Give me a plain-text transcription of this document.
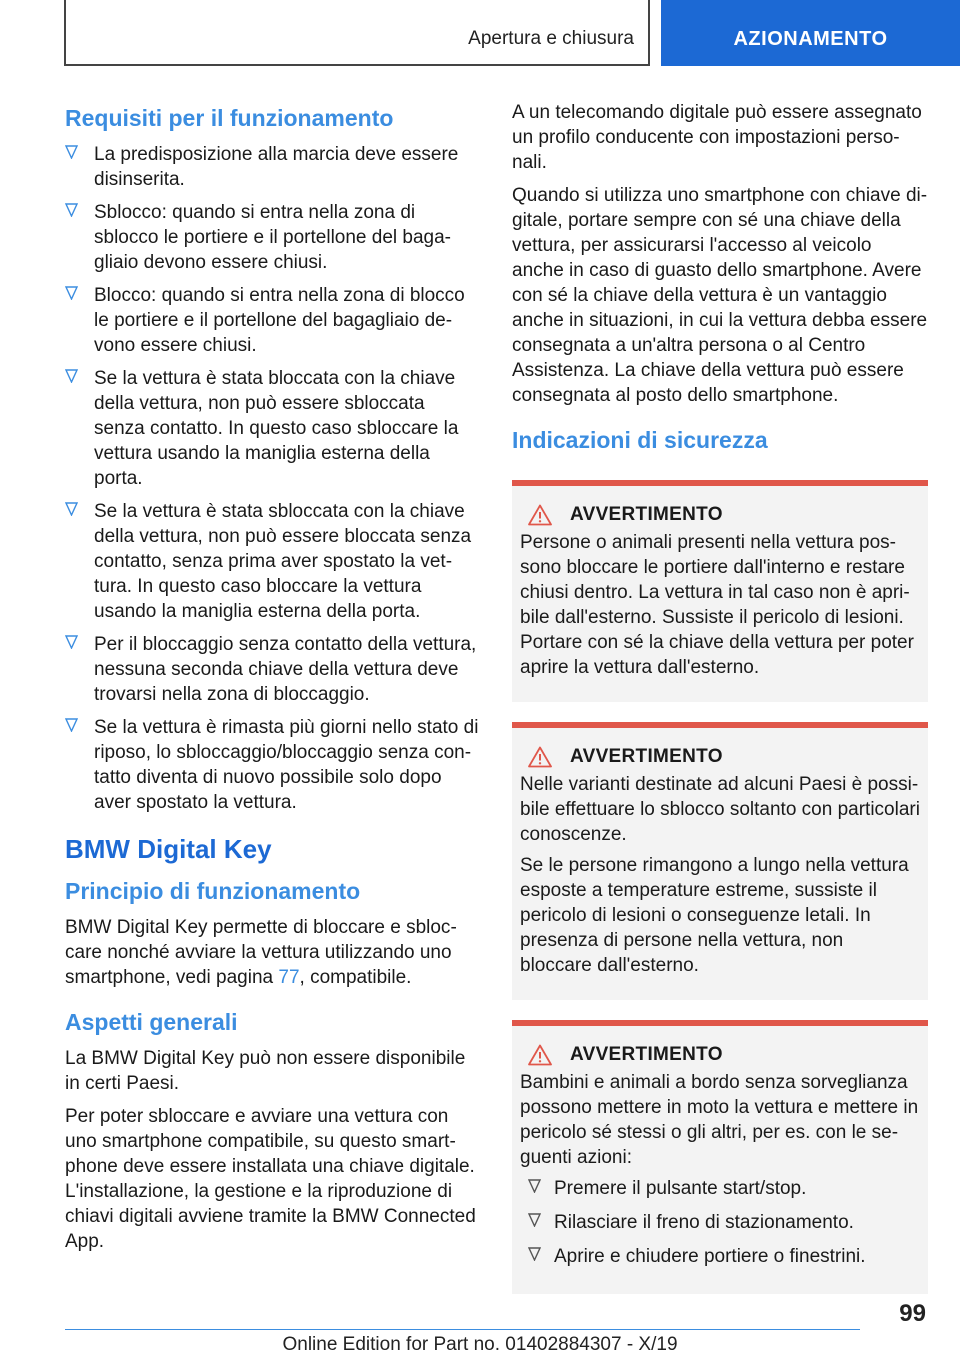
Apertura e chiusura	AZIONAMENTO
Requisiti per il funzionamento
La predisposizione alla marcia deve essere disinserita.
Sblocco: quando si entra nella zona di sblocco le portiere e il portellone del bagagliaio devono essere chiusi.
Blocco: quando si entra nella zona di blocco le portiere e il portellone del bagagliaio devono essere chiusi.
Se la vettura è stata bloccata con la chiave della vettura, non può essere sbloccata senza contatto. In questo caso sbloccare la vettura usando la maniglia esterna della porta.
Se la vettura è stata sbloccata con la chiave della vettura, non può essere bloccata senza contatto, senza prima aver spostato la vettura. In questo caso bloccare la vettura usando la maniglia esterna della porta.
Per il bloccaggio senza contatto della vettura, nessuna seconda chiave della vettura deve trovarsi nella zona di bloccaggio.
Se la vettura è rimasta più giorni nello stato di riposo, lo sbloccaggio/bloccaggio senza contatto diventa di nuovo possibile solo dopo aver spostato la vettura.
BMW Digital Key
Principio di funzionamento

BMW Digital Key permette di bloccare e sbloccare nonché avviare la vettura utilizzando uno smartphone, vedi pagina 77, compatibile.

Aspetti generali

La BMW Digital Key può non essere disponibile in certi Paesi.

Per poter sbloccare e avviare una vettura con uno smartphone compatibile, su questo smartphone deve essere installata una chiave digitale. L'installazione, la gestione e la riproduzione di chiavi digitali avviene tramite la BMW Connected App.

A un telecomando digitale può essere assegnato un profilo conducente con impostazioni personali.

Quando si utilizza uno smartphone con chiave digitale, portare sempre con sé una chiave della vettura, per assicurarsi l'accesso al veicolo anche in caso di guasto dello smartphone. Avere con sé la chiave della vettura è un vantaggio anche in situazioni, in cui la vettura debba essere consegnata a un'altra persona o al Centro Assistenza. La chiave della vettura può essere consegnata al posto dello smartphone.

Indicazioni di sicurezza
AVVERTIMENTO

Persone o animali presenti nella vettura possono bloccare le portiere dall'interno e restare chiusi dentro. La vettura in tal caso non è apribile dall'esterno. Sussiste il pericolo di lesioni. Portare con sé la chiave della vettura per poter aprire la vettura dall'esterno.

AVVERTIMENTO

Nelle varianti destinate ad alcuni Paesi è possibile effettuare lo sblocco soltanto con particolari conoscenze.

Se le persone rimangono a lungo nella vettura esposte a temperature estreme, sussiste il pericolo di lesioni o conseguenze letali. In presenza di persone nella vettura, non bloccare dall'esterno.

AVVERTIMENTO

Bambini e animali a bordo senza sorveglianza possono mettere in moto la vettura e mettere in pericolo sé stessi o gli altri, per es. con le seguenti azioni:

Premere il pulsante start/stop.
Rilasciare il freno di stazionamento.
Aprire e chiudere portiere o finestrini.
99
Online Edition for Part no. 01402884307 - X/19
